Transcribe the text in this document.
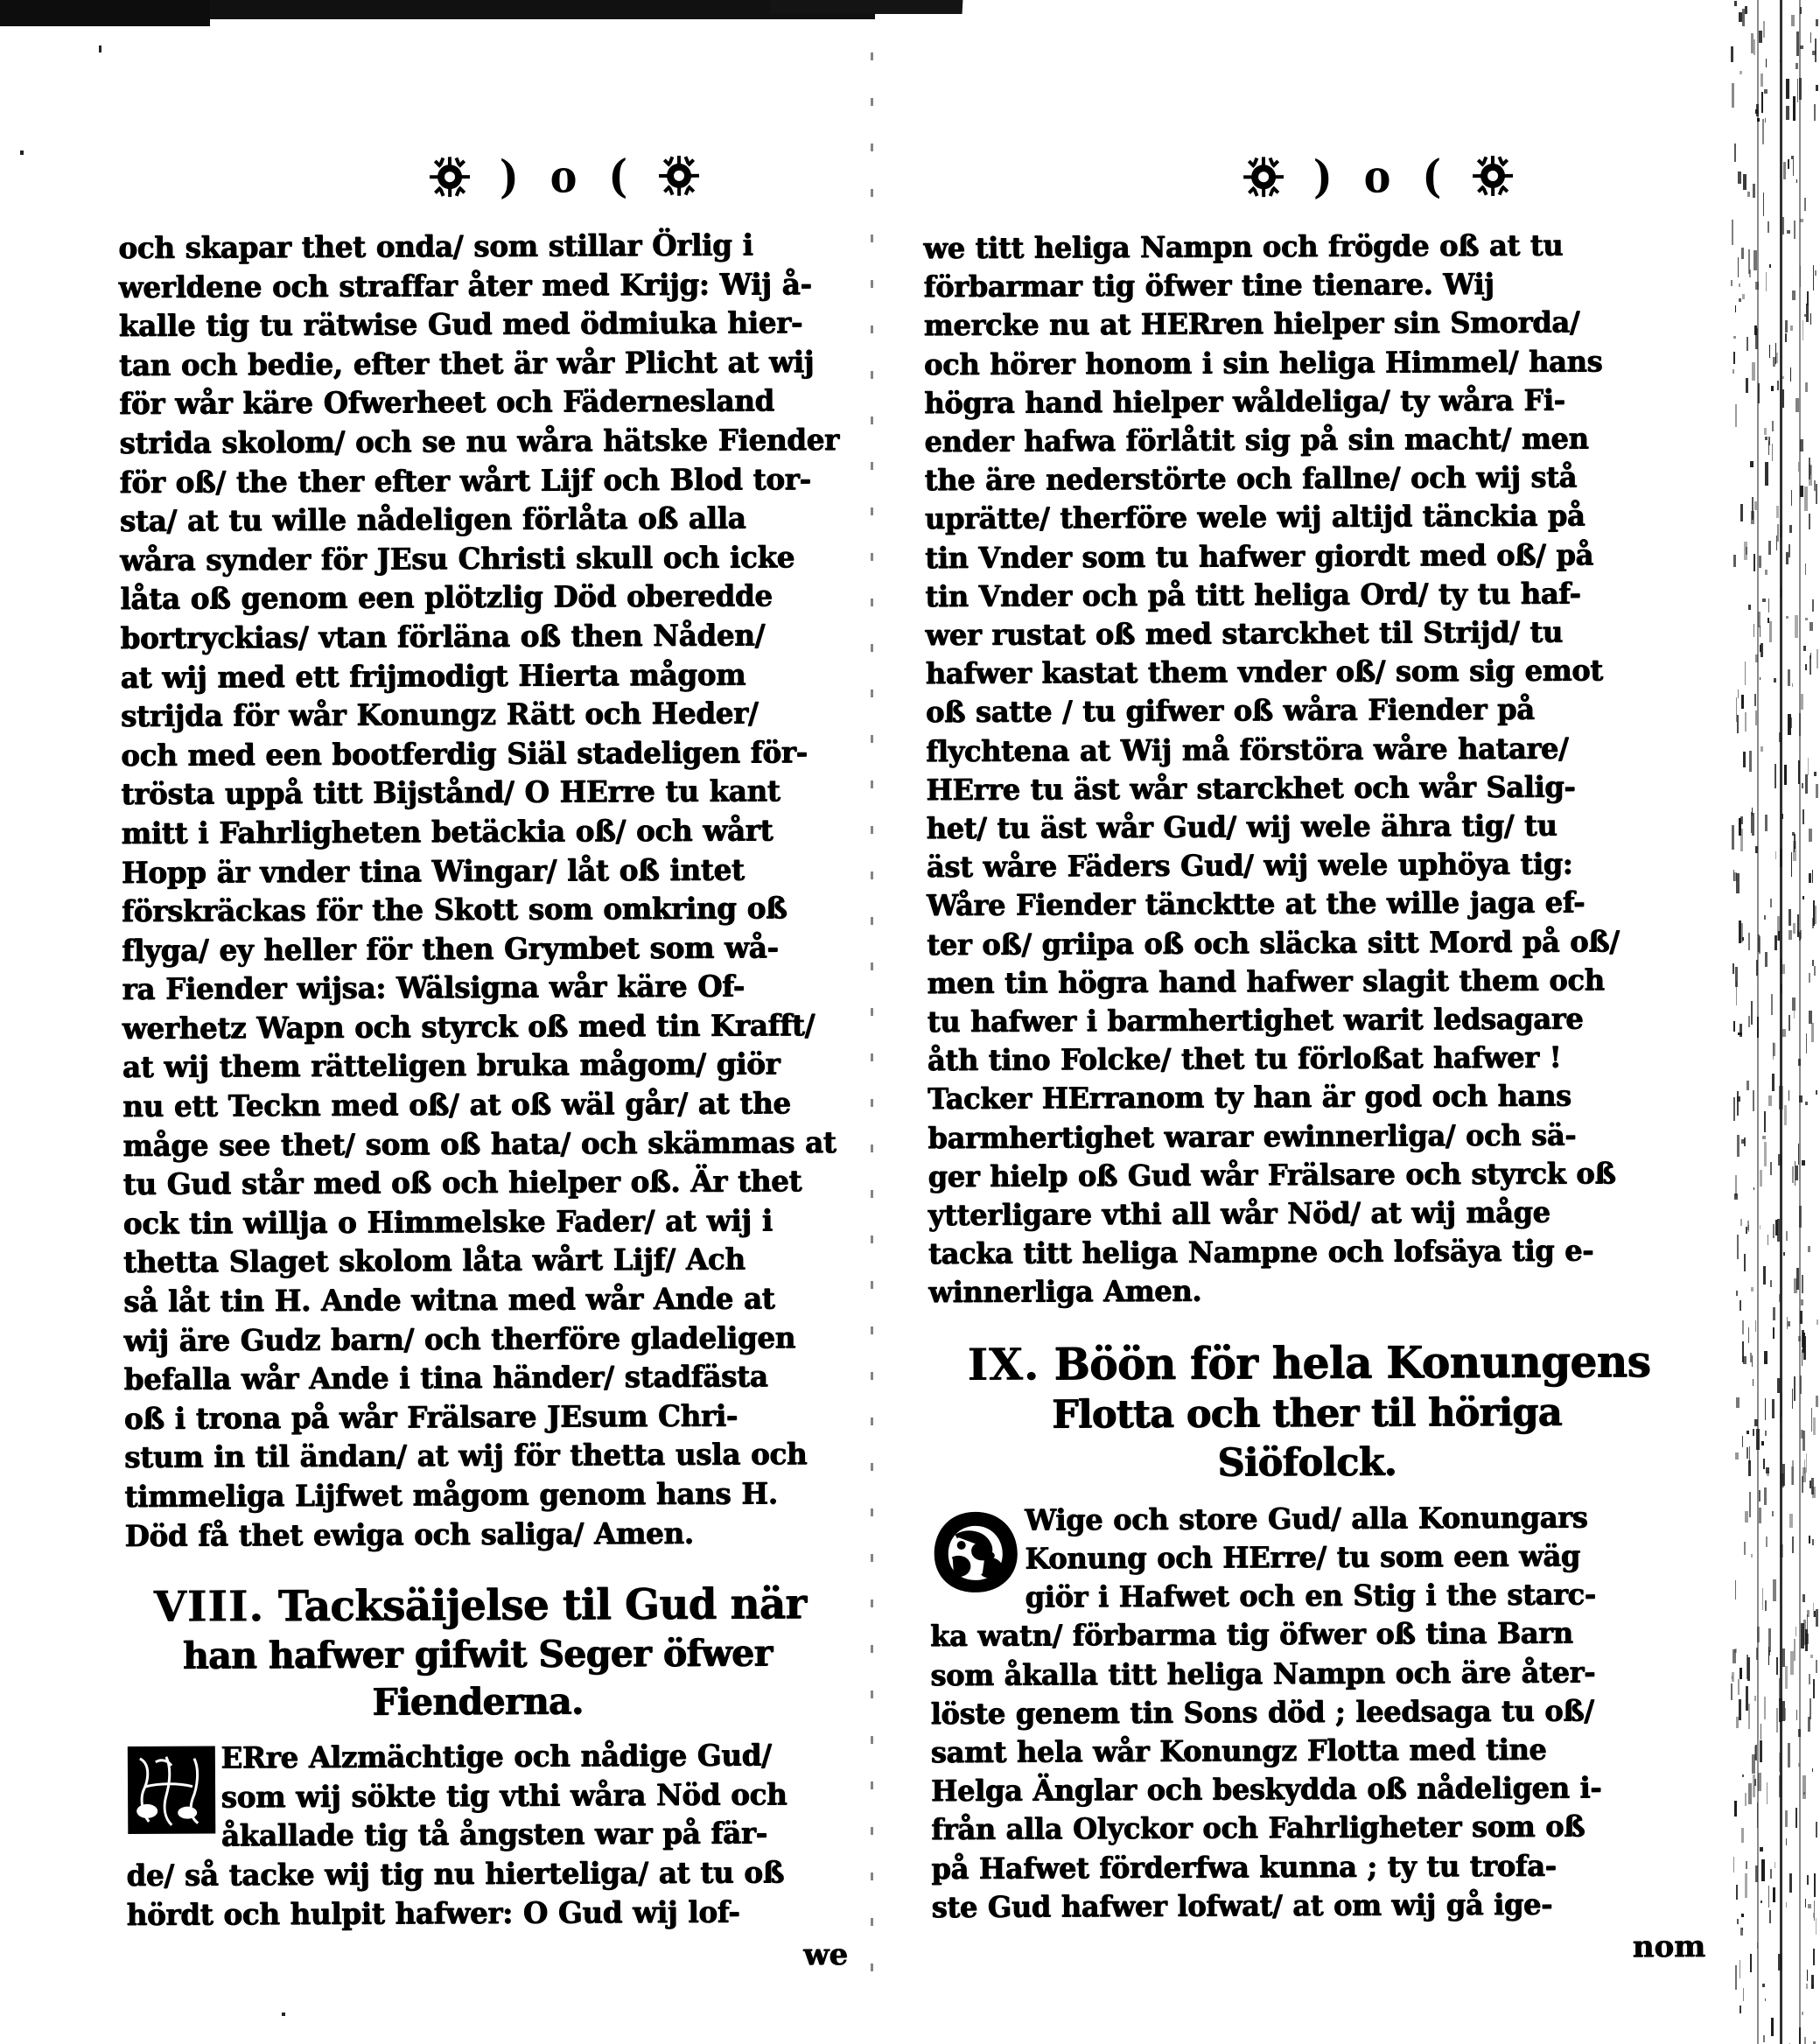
) o (
och skapar thet onda/ som stillar Örlig i
werldene och straffar åter med Krijg: Wij å-
kalle tig tu rätwise Gud med ödmiuka hier-
tan och bedie, efter thet är wår Plicht at wij
för wår käre Ofwerheet och Fädernesland
strida skolom/ och se nu wåra hätske Fiender
för oß/ the ther efter wårt Lijf och Blod tor-
sta/ at tu wille nådeligen förlåta oß alla
wåra synder för JEsu Christi skull och icke
låta oß genom een plötzlig Död oberedde
bortryckias/ vtan förläna oß then Nåden/
at wij med ett frijmodigt Hierta mågom
strijda för wår Konungz Rätt och Heder/
och med een bootferdig Siäl stadeligen för-
trösta uppå titt Bijstånd/ O HErre tu kant
mitt i Fahrligheten betäckia oß/ och wårt
Hopp är vnder tina Wingar/ låt oß intet
förskräckas för the Skott som omkring oß
flyga/ ey heller för then Grymbet som wå-
ra Fiender wijsa: Wälsigna wår käre Of-
werhetz Wapn och styrck oß med tin Krafft/
at wij them rätteligen bruka mågom/ giör
nu ett Teckn med oß/ at oß wäl går/ at the
måge see thet/ som oß hata/ och skämmas at
tu Gud står med oß och hielper oß. Är thet
ock tin willja o Himmelske Fader/ at wij i
thetta Slaget skolom låta wårt Lijf/ Ach
så låt tin H. Ande witna med wår Ande at
wij äre Gudz barn/ och therföre gladeligen
befalla wår Ande i tina händer/ stadfästa
oß i trona på wår Frälsare JEsum Chri-
stum in til ändan/ at wij för thetta usla och
timmeliga Lijfwet mågom genom hans H.
Död få thet ewiga och saliga/ Amen.
VIII. Tacksäijelse til Gud när
han hafwer gifwit Seger öfwer
Fienderna.
ERre Alzmächtige och nådige Gud/
som wij sökte tig vthi wåra Nöd och
åkallade tig tå ångsten war på fär-
de/ så tacke wij tig nu hierteliga/ at tu oß
hördt och hulpit hafwer: O Gud wij lof-
we
) o (
we titt heliga Nampn och frögde oß at tu
förbarmar tig öfwer tine tienare. Wij
mercke nu at HERren hielper sin Smorda/
och hörer honom i sin heliga Himmel/ hans
högra hand hielper wåldeliga/ ty wåra Fi-
ender hafwa förlåtit sig på sin macht/ men
the äre nederstörte och fallne/ och wij stå
uprätte/ therföre wele wij altijd tänckia på
tin Vnder som tu hafwer giordt med oß/ på
tin Vnder och på titt heliga Ord/ ty tu haf-
wer rustat oß med starckhet til Strijd/ tu
hafwer kastat them vnder oß/ som sig emot
oß satte / tu gifwer oß wåra Fiender på
flychtena at Wij må förstöra wåre hatare/
HErre tu äst wår starckhet och wår Salig-
het/ tu äst wår Gud/ wij wele ähra tig/ tu
äst wåre Fäders Gud/ wij wele uphöya tig:
Wåre Fiender täncktte at the wille jaga ef-
ter oß/ griipa oß och släcka sitt Mord på oß/
men tin högra hand hafwer slagit them och
tu hafwer i barmhertighet warit ledsagare
åth tino Folcke/ thet tu förloßat hafwer !
Tacker HErranom ty han är god och hans
barmhertighet warar ewinnerliga/ och sä-
ger hielp oß Gud wår Frälsare och styrck oß
ytterligare vthi all wår Nöd/ at wij måge
tacka titt heliga Nampne och lofsäya tig e-
winnerliga Amen.
IX. Böön för hela Konungens
Flotta och ther til höriga
Siöfolck.
Wige och store Gud/ alla Konungars
Konung och HErre/ tu som een wäg
giör i Hafwet och en Stig i the starc-
ka watn/ förbarma tig öfwer oß tina Barn
som åkalla titt heliga Nampn och äre åter-
löste genem tin Sons död ; leedsaga tu oß/
samt hela wår Konungz Flotta med tine
Helga Änglar och beskydda oß nådeligen i-
från alla Olyckor och Fahrligheter som oß
på Hafwet förderfwa kunna ; ty tu trofa-
ste Gud hafwer lofwat/ at om wij gå ige-
nom
